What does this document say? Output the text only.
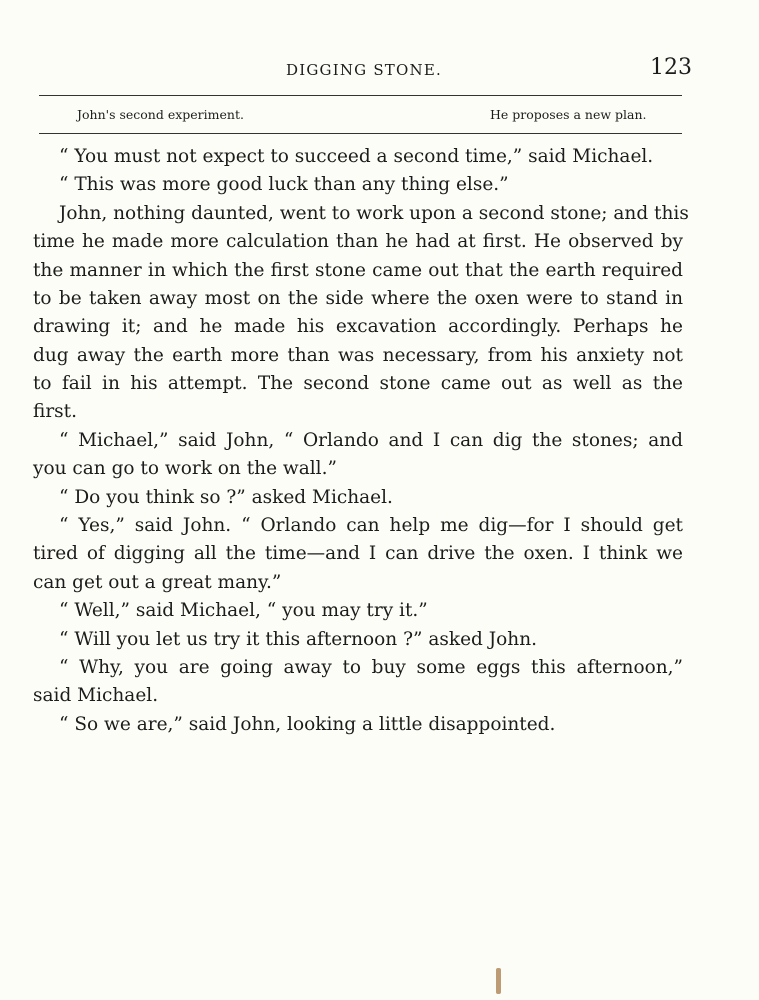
DIGGING STONE.	123
John's second experiment.	He proposes a new plan.
“ You must not expect to succeed a second time,” said Michael.
“ This was more good luck than any thing else.”
John, nothing daunted, went to work upon a second stone; and this
time he made more calculation than he had at first. He observed by
the manner in which the first stone came out that the earth required
to be taken away most on the side where the oxen were to stand in
drawing it; and he made his excavation accordingly. Perhaps he
dug away the earth more than was necessary, from his anxiety not
to fail in his attempt. The second stone came out as well as the
first.
“ Michael,” said John, “ Orlando and I can dig the stones; and
you can go to work on the wall.”
“ Do you think so ?” asked Michael.
“ Yes,” said John. “ Orlando can help me dig—for I should get
tired of digging all the time—and I can drive the oxen. I think we
can get out a great many.”
“ Well,” said Michael, “ you may try it.”
“ Will you let us try it this afternoon ?” asked John.
“ Why, you are going away to buy some eggs this afternoon,”
said Michael.
“ So we are,” said John, looking a little disappointed.
